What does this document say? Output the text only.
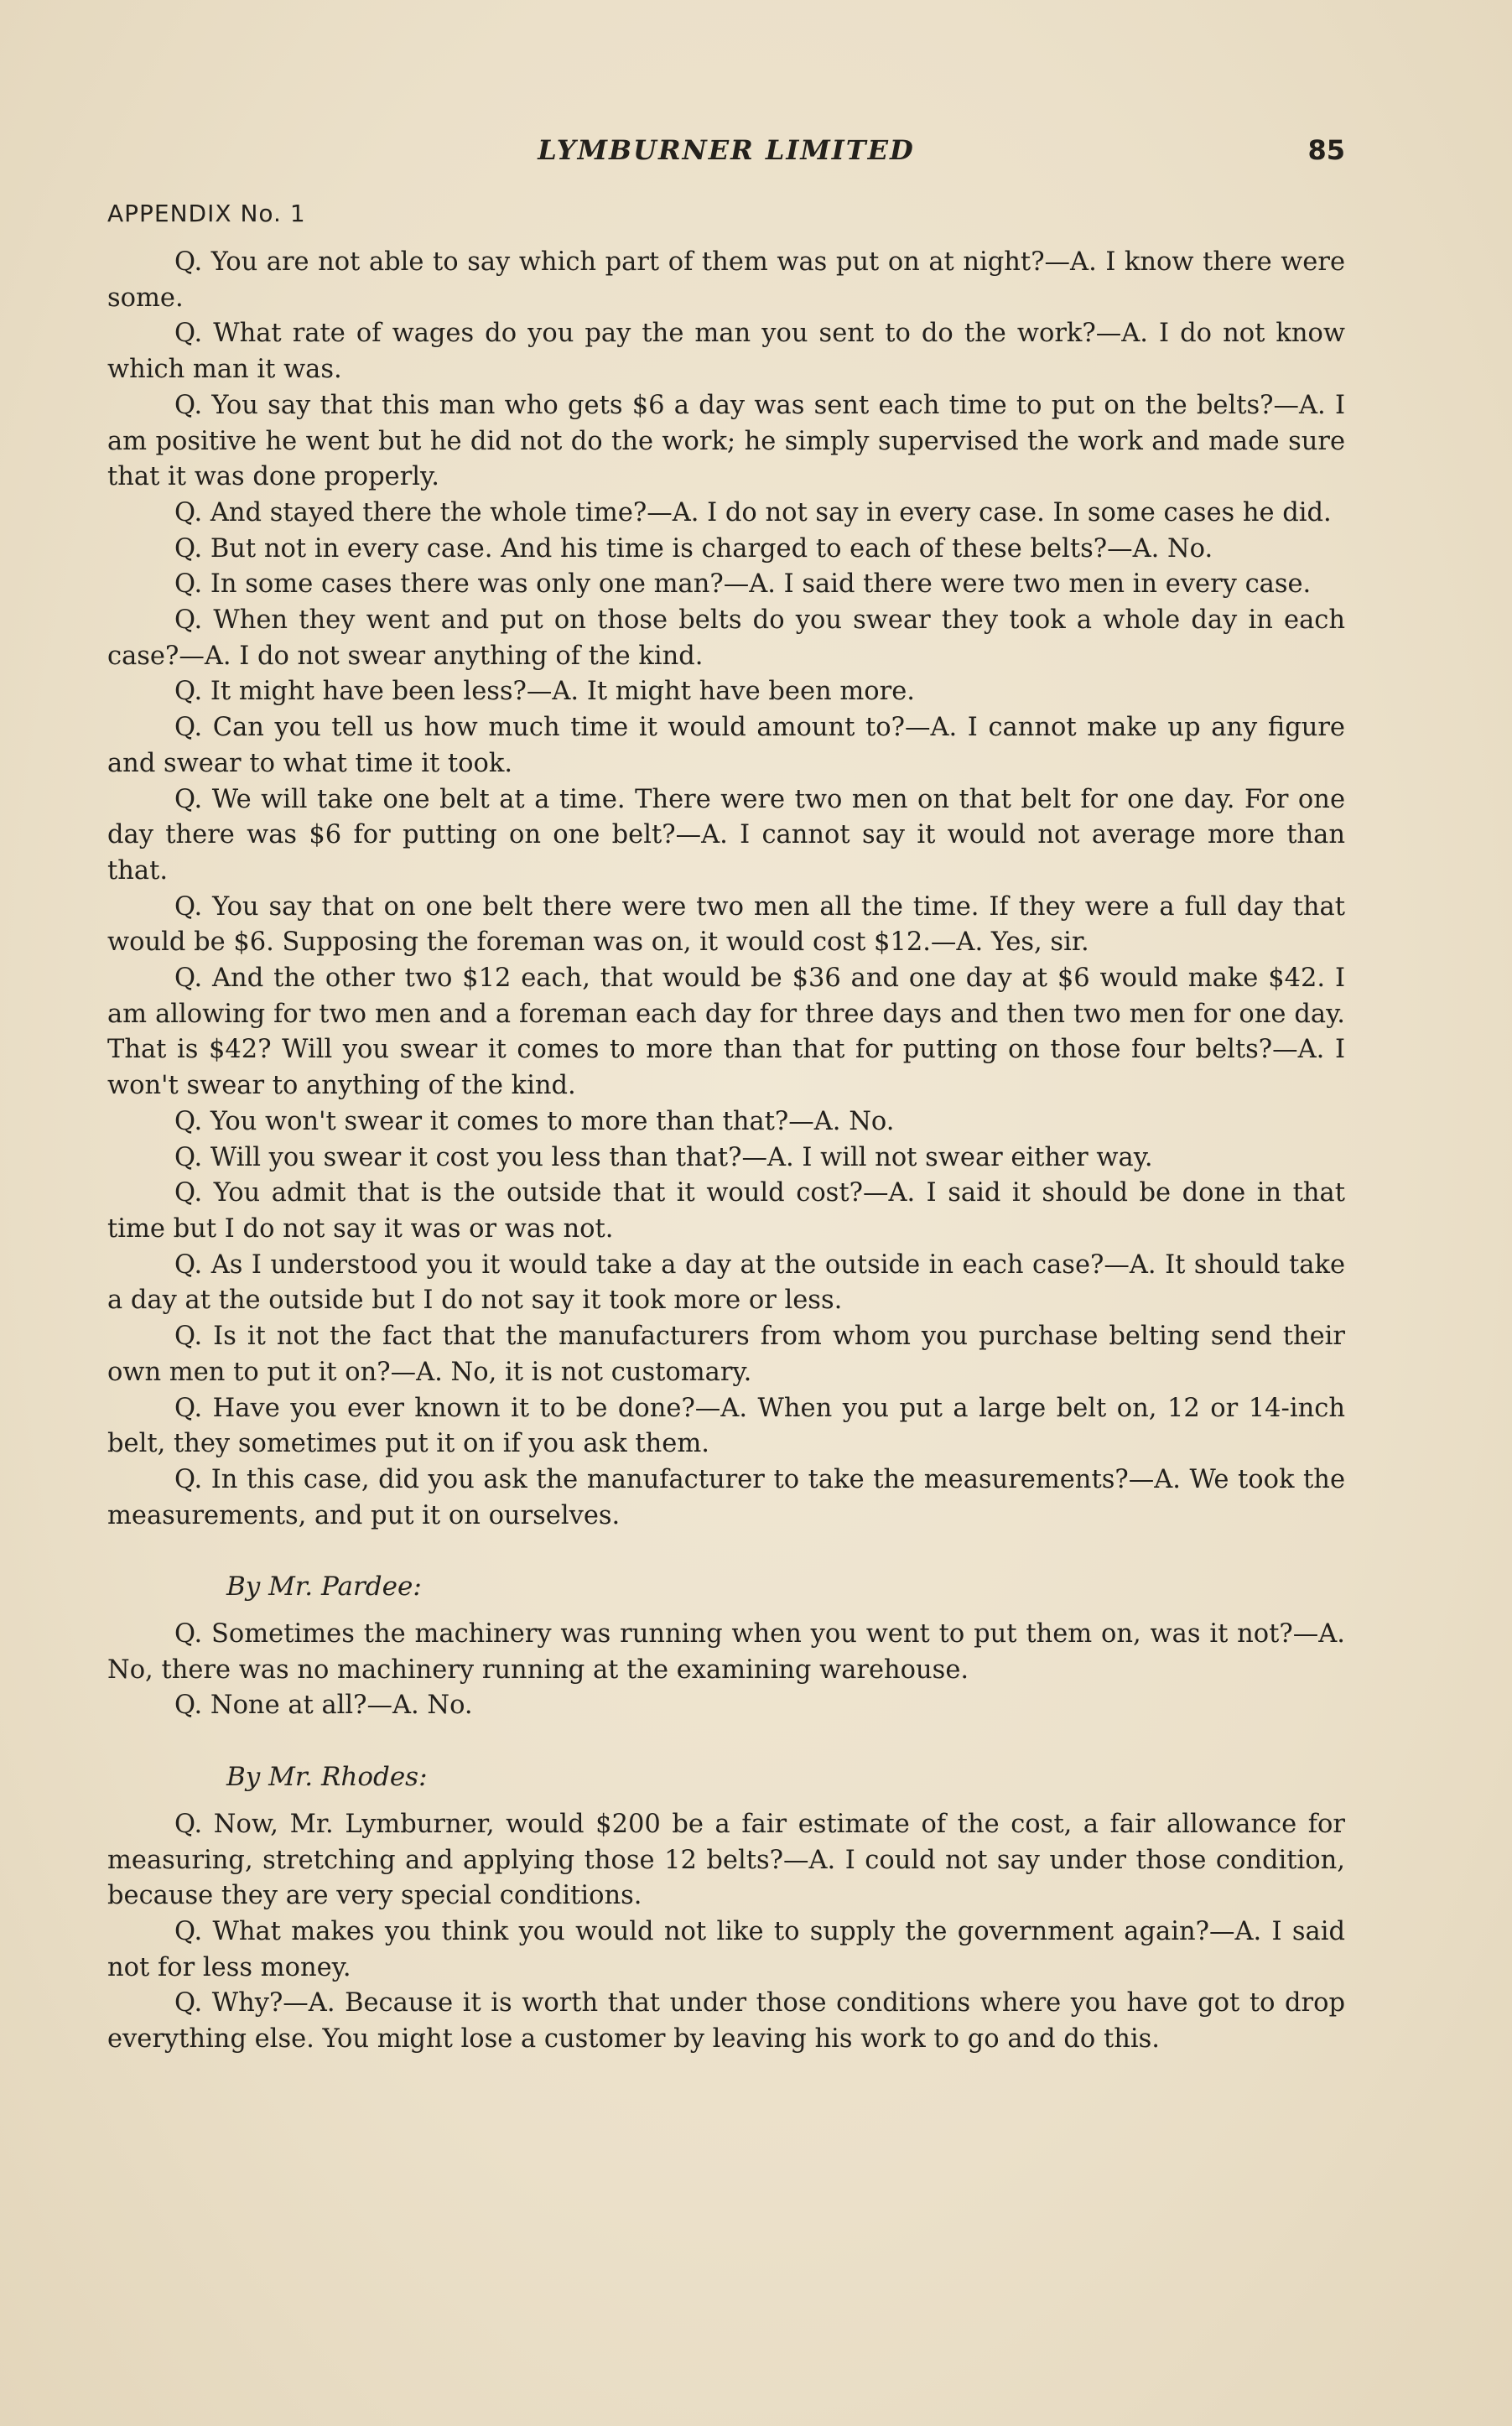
LYMBURNER LIMITED	85
APPENDIX No. 1

Q. You are not able to say which part of them was put on at night?—A. I know there were some.

Q. What rate of wages do you pay the man you sent to do the work?—A. I do not know which man it was.

Q. You say that this man who gets $6 a day was sent each time to put on the belts?—A. I am positive he went but he did not do the work; he simply supervised the work and made sure that it was done properly.

Q. And stayed there the whole time?—A. I do not say in every case. In some cases he did.

Q. But not in every case. And his time is charged to each of these belts?—A. No.

Q. In some cases there was only one man?—A. I said there were two men in every case.

Q. When they went and put on those belts do you swear they took a whole day in each case?—A. I do not swear anything of the kind.

Q. It might have been less?—A. It might have been more.

Q. Can you tell us how much time it would amount to?—A. I cannot make up any figure and swear to what time it took.

Q. We will take one belt at a time. There were two men on that belt for one day. For one day there was $6 for putting on one belt?—A. I cannot say it would not average more than that.

Q. You say that on one belt there were two men all the time. If they were a full day that would be $6. Supposing the foreman was on, it would cost $12.—A. Yes, sir.

Q. And the other two $12 each, that would be $36 and one day at $6 would make $42. I am allowing for two men and a foreman each day for three days and then two men for one day. That is $42? Will you swear it comes to more than that for putting on those four belts?—A. I won't swear to anything of the kind.

Q. You won't swear it comes to more than that?—A. No.

Q. Will you swear it cost you less than that?—A. I will not swear either way.

Q. You admit that is the outside that it would cost?—A. I said it should be done in that time but I do not say it was or was not.

Q. As I understood you it would take a day at the outside in each case?—A. It should take a day at the outside but I do not say it took more or less.

Q. Is it not the fact that the manufacturers from whom you purchase belting send their own men to put it on?—A. No, it is not customary.

Q. Have you ever known it to be done?—A. When you put a large belt on, 12 or 14-inch belt, they sometimes put it on if you ask them.

Q. In this case, did you ask the manufacturer to take the measurements?—A. We took the measurements, and put it on ourselves.

By Mr. Pardee:

Q. Sometimes the machinery was running when you went to put them on, was it not?—A. No, there was no machinery running at the examining warehouse.

Q. None at all?—A. No.

By Mr. Rhodes:

Q. Now, Mr. Lymburner, would $200 be a fair estimate of the cost, a fair allowance for measuring, stretching and applying those 12 belts?—A. I could not say under those condition, because they are very special conditions.

Q. What makes you think you would not like to supply the government again?—A. I said not for less money.

Q. Why?—A. Because it is worth that under those conditions where you have got to drop everything else. You might lose a customer by leaving his work to go and do this.
